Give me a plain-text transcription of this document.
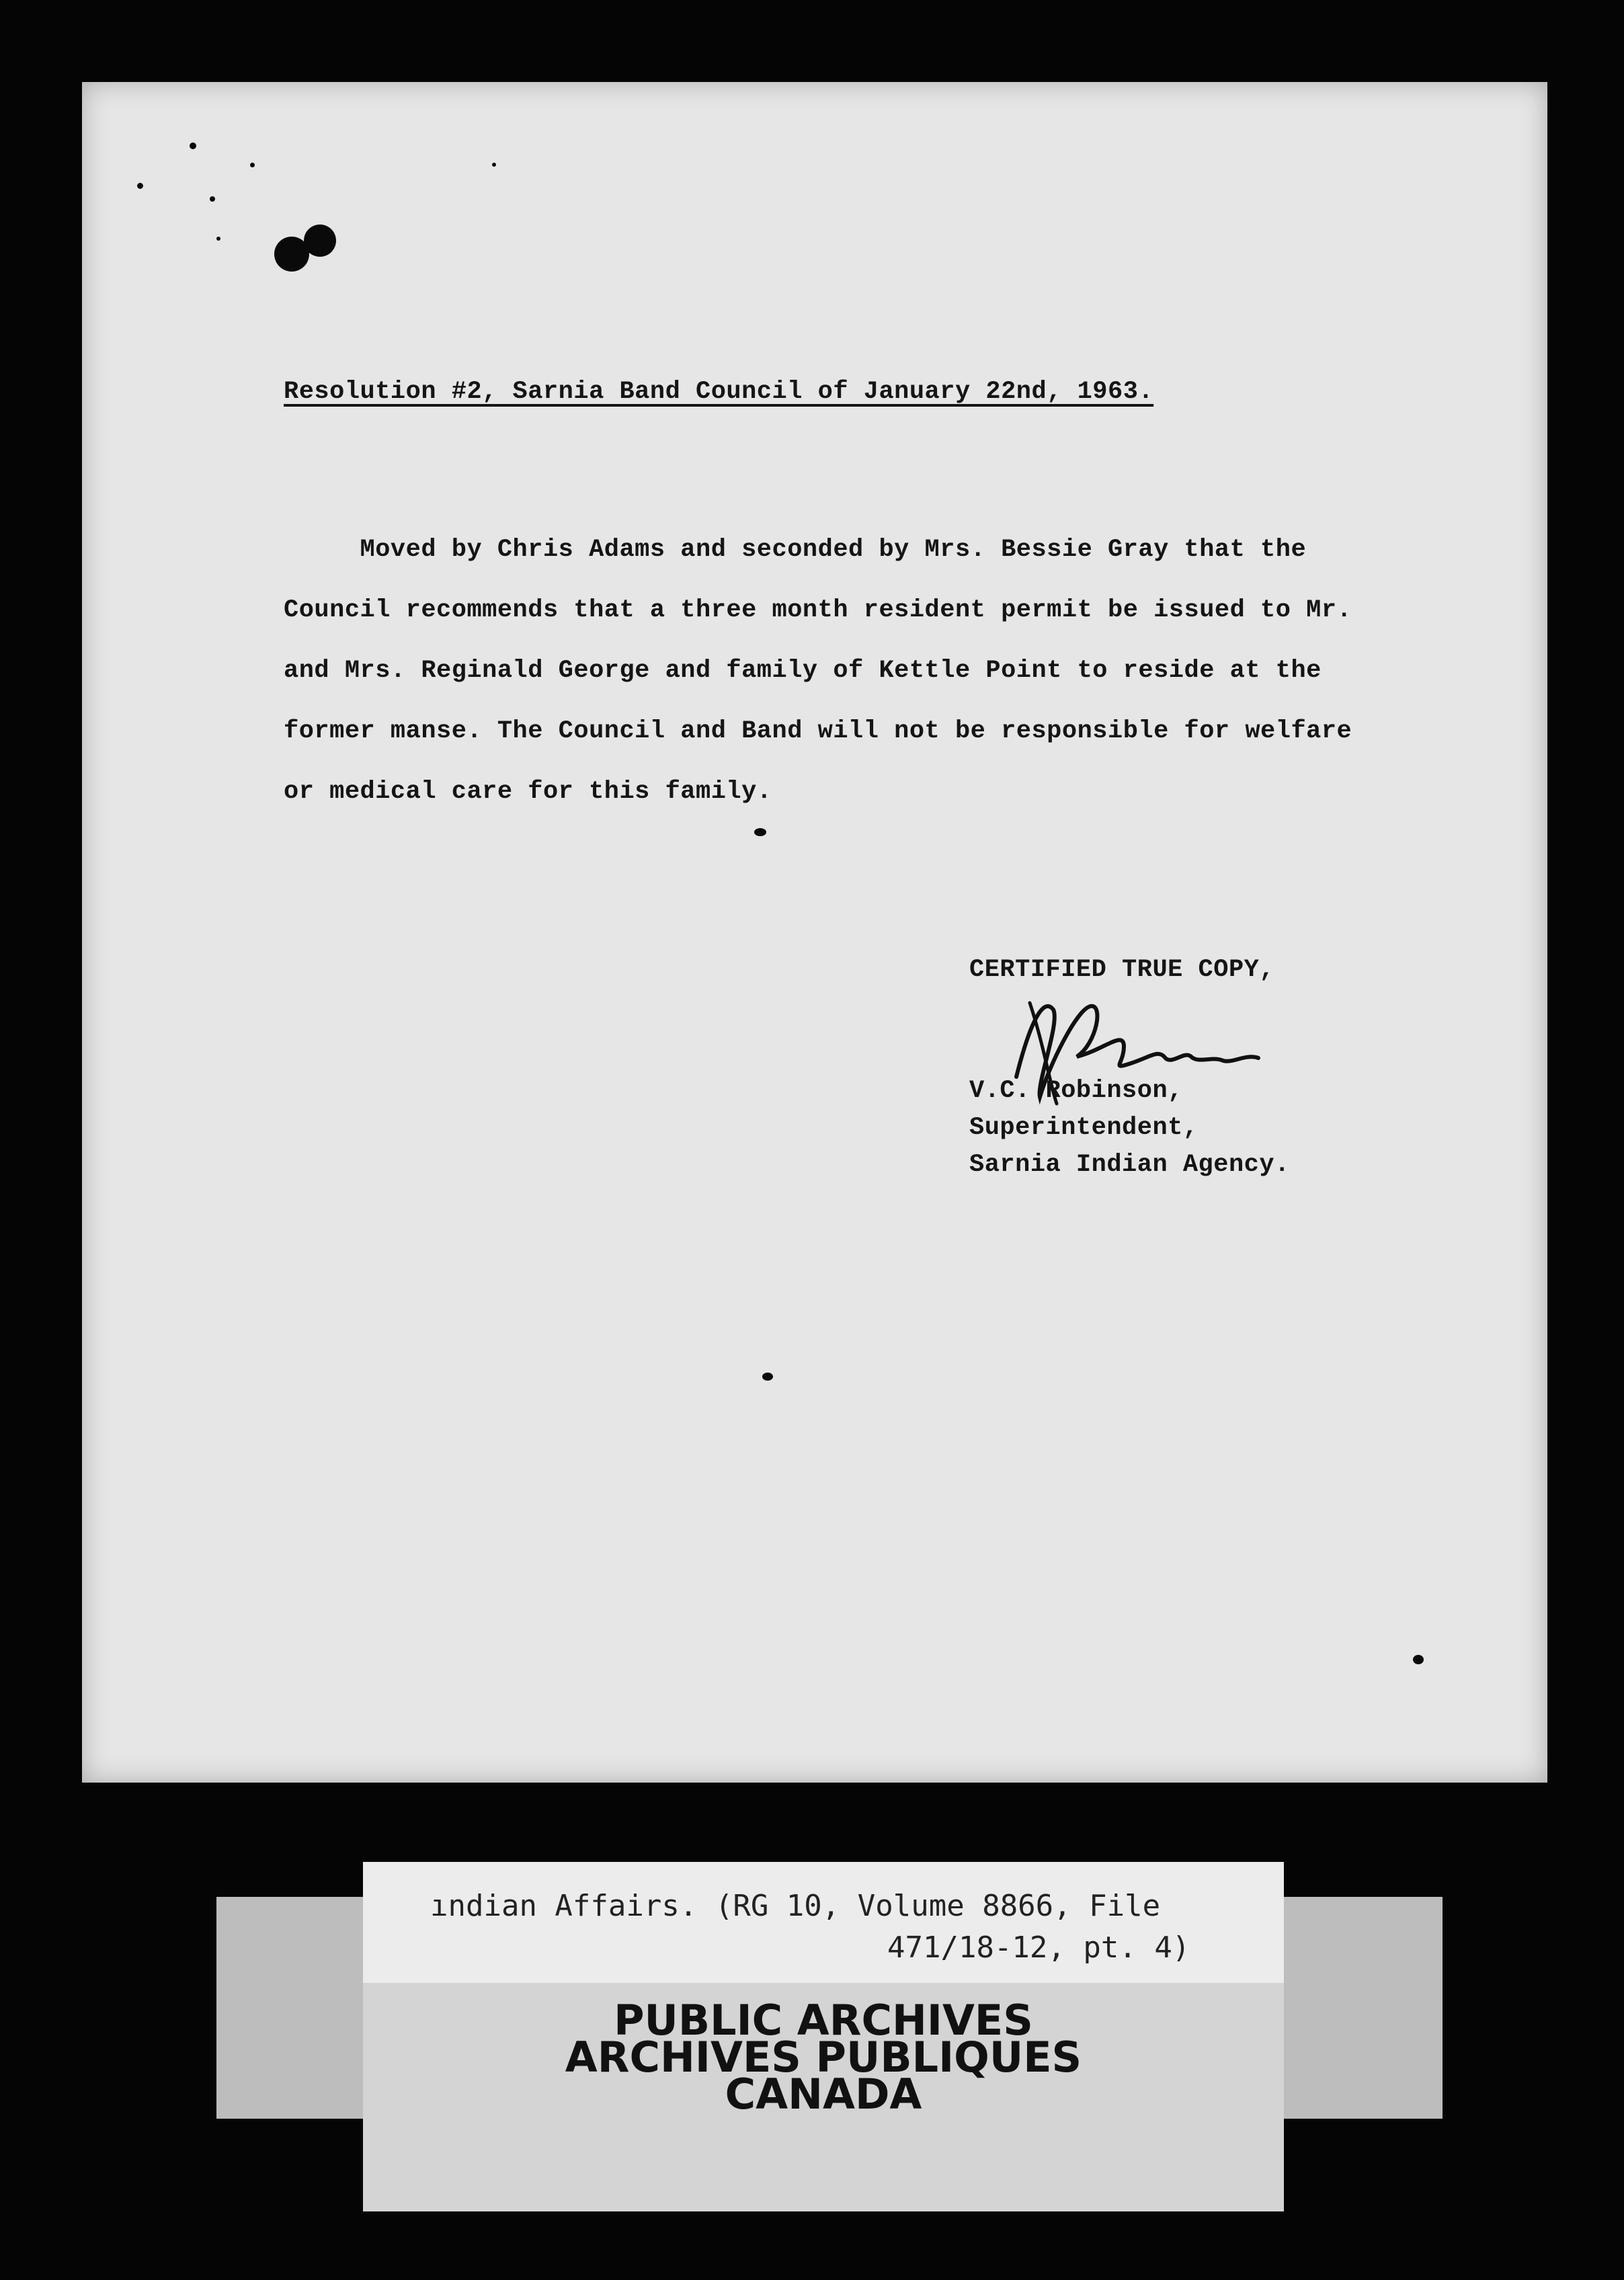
Resolution #2, Sarnia Band Council of January 22nd, 1963.
Moved by Chris Adams and seconded by Mrs. Bessie Gray that the
Council recommends that a three month resident permit be issued to Mr.
and Mrs. Reginald George and family of Kettle Point to reside at the
former manse. The Council and Band will not be responsible for welfare
or medical care for this family.
CERTIFIED TRUE COPY,
V.C. Robinson,
Superintendent,
Sarnia Indian Agency.
ındian Affairs. (RG 10, Volume 8866, File
471/18-12, pt. 4)
PUBLIC ARCHIVES
ARCHIVES PUBLIQUES
CANADA
